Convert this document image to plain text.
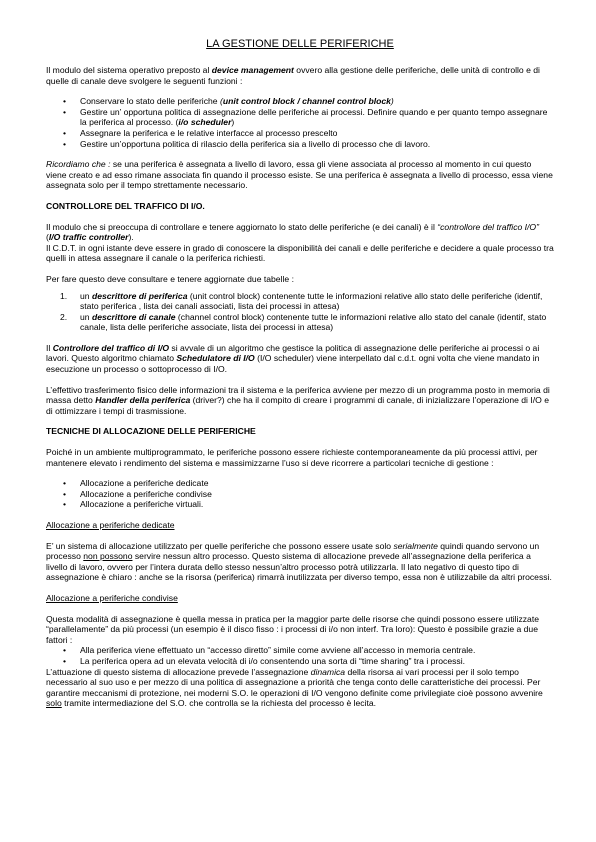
LA GESTIONE DELLE PERIFERICHE

Il modulo del sistema operativo preposto al device management ovvero alla gestione delle periferiche, delle unità di controllo e di quelle di canale deve svolgere le seguenti funzioni :

• Conservare lo stato delle periferiche (unit control block / channel control block)
• Gestire un’ opportuna politica di assegnazione delle periferiche ai processi. Definire quando e per quanto tempo assegnare la periferica al processo. (i/o scheduler)
• Assegnare la periferica e le relative interfacce al processo prescelto
• Gestire un’opportuna politica di rilascio della periferica sia a livello di processo che di lavoro.

Ricordiamo che : se una periferica è assegnata a livello di lavoro, essa gli viene associata al processo al momento in cui questo viene creato e ad esso rimane associata fin quando il processo esiste. Se una periferica è assegnata a livello di processo, essa viene assegnata solo per il tempo strettamente necessario.

CONTROLLORE DEL TRAFFICO DI I/O.

Il modulo che si preoccupa di controllare e tenere aggiornato lo stato delle periferiche (e dei canali) è il “controllore del traffico I/O” (I/O traffic controller).

Il C.D.T. in ogni istante deve essere in grado di conoscere la disponibilità dei canali e delle periferiche e decidere a quale processo tra quelli in attesa assegnare il canale o la periferica richiesti.

Per fare questo deve consultare e tenere aggiornate due tabelle :

1. un descrittore di periferica (unit control block) contenente tutte le informazioni relative allo stato delle periferiche (identif, stato periferica , lista dei canali associati, lista dei processi in attesa)
2. un descrittore di canale (channel control block) contenente tutte le informazioni relative allo stato del canale (identif, stato canale, lista delle periferiche associate, lista dei processi in attesa)

Il Controllore del traffico di I/O si avvale di un algoritmo che gestisce la politica di assegnazione delle periferiche ai processi o ai lavori. Questo algoritmo chiamato Schedulatore di I/O (I/O scheduler) viene interpellato dal c.d.t. ogni volta che viene mandato in esecuzione un processo o sottoprocesso di I/O.

L’effettivo trasferimento fisico delle informazioni tra il sistema e la periferica avviene per mezzo di un programma posto in memoria di massa detto Handler della periferica (driver?) che ha il compito di creare i programmi di canale, di inizializzare l’operazione di I/O e di ottimizzare i tempi di trasmissione.

TECNICHE DI ALLOCAZIONE DELLE PERIFERICHE

Poiché in un ambiente multiprogrammato, le periferiche possono essere richieste contemporaneamente da più processi attivi, per mantenere elevato i rendimento del sistema e massimizzarne l’uso si deve ricorrere a particolari tecniche di gestione :

• Allocazione a periferiche dedicate
• Allocazione a periferiche condivise
• Allocazione a periferiche virtuali.

Allocazione a periferiche dedicate

E’ un sistema di allocazione utilizzato per quelle periferiche che possono essere usate solo serialmente quindi quando servono un processo non possono servire nessun altro processo. Questo sistema di allocazione prevede all’assegnazione della periferica a livello di lavoro, ovvero per l’intera durata dello stesso nessun’altro processo potrà utilizzarla. Il lato negativo di questo tipo di assegnazione è chiaro : anche se la risorsa (periferica) rimarrà inutilizzata per diverso tempo, essa non è utilizzabile da altri processi.

Allocazione a periferiche condivise

Questa modalità di assegnazione è quella messa in pratica per la maggior parte delle risorse che quindi possono essere utilizzate “parallelamente” da più processi (un esempio è il disco fisso : i processi di i/o non interf. Tra loro): Questo è possibile grazie a due fattori :

• Alla periferica viene effettuato un “accesso diretto” simile come avviene all’accesso in memoria centrale.
• La periferica opera ad un elevata velocità di i/o consentendo una sorta di “time sharing” tra i processi.

L’attuazione di questo sistema di allocazione prevede l’assegnazione dinamica della risorsa ai vari processi per il solo tempo necessario al suo uso e per mezzo di una politica di assegnazione a priorità che tenga conto delle caratteristiche dei processi. Per garantire meccanismi di protezione, nei moderni S.O. le operazioni di I/O vengono definite come privilegiate cioè possono avvenire solo tramite intermediazione del S.O. che controlla se la richiesta del processo è lecita.
